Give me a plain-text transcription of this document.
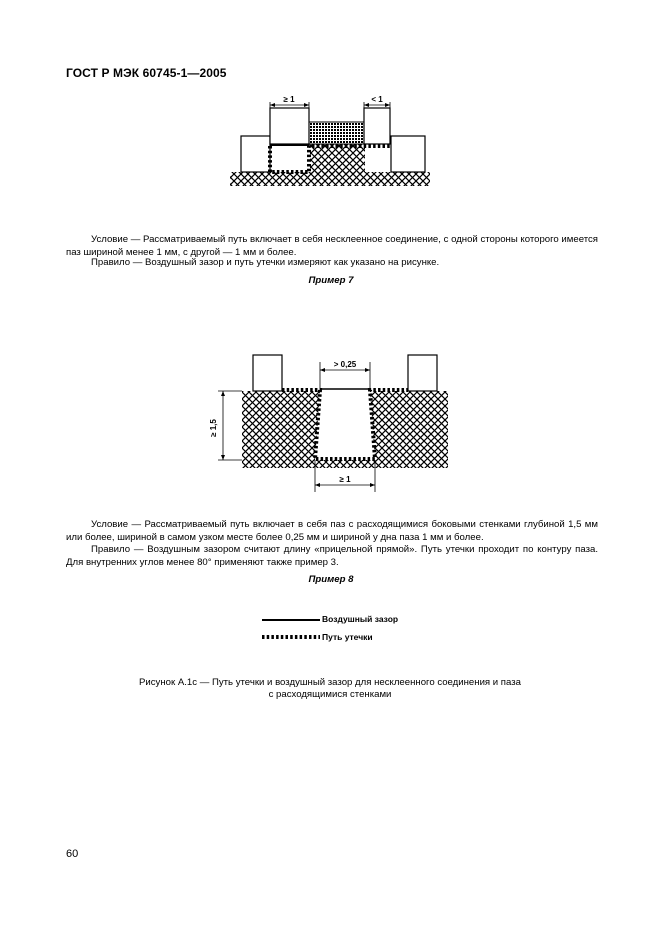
ГОСТ Р МЭК 60745-1—2005
≥ 1	< 1
Условие — Рассматриваемый путь включает в себя несклеенное соединение, с одной стороны которого имеется паз шириной менее 1 мм, с другой — 1 мм и более.
Правило — Воздушный зазор и путь утечки измеряют как указано на рисунке.
Пример 7
> 0,25
≥ 1,5
≥ 1
Условие — Рассматриваемый путь включает в себя паз с расходящимися боковыми стенками глубиной 1,5 мм или более, шириной в самом узком месте более 0,25 мм и шириной у дна паза 1 мм и более.
Правило — Воздушным зазором считают длину «прицельной прямой». Путь утечки проходит по контуру паза. Для внутренних углов менее 80° применяют также пример 3.
Пример 8
Воздушный зазор
Путь утечки
Рисунок А.1с — Путь утечки и воздушный зазор для несклеенного соединения и паза
с расходящимися стенками
60
